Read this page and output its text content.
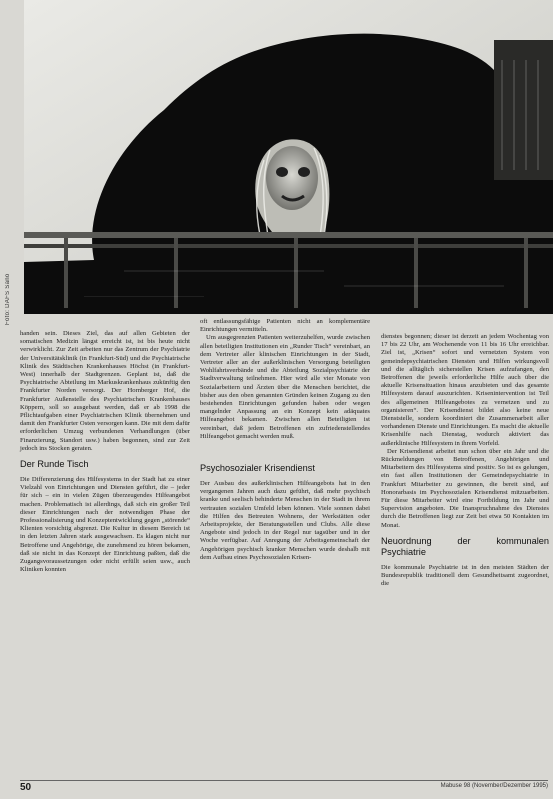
Foto: DAFS Sano

handen sein. Dieses Ziel, das auf allen Gebieten der somatischen Medizin längst erreicht ist, ist bis heute nicht verwirklicht. Zur Zeit arbeiten nur das Zentrum der Psychiatrie der Universitätsklinik (in Frankfurt-Süd) und die Psychiatrische Klinik des Städtischen Krankenhauses Höchst (in Frankfurt-West) innerhalb der Stadtgrenzen. Geplant ist, daß die Psychiatrische Abteilung im Markuskrankenhaus zukünftig den Frankfurter Norden versorgt. Der Hornberger Hof, die Frankfurter Außenstelle des Psychiatrischen Krankenhauses Köppern, soll so ausgebaut werden, daß er ab 1998 die Pflichtaufgaben einer Psychiatrischen Klinik übernehmen und damit den Frankfurter Osten versorgen kann. Die mit dem dafür erforderlichen Umzug verbundenen Verhandlungen (über Finanzierung, Standort usw.) haben begonnen, sind zur Zeit jedoch ins Stocken geraten.

Der Runde Tisch

Die Differenzierung des Hilfesystems in der Stadt hat zu einer Vielzahl von Einrichtungen und Diensten geführt, die – jeder für sich – ein in vielen Zügen überzeugendes Hilfeangebot machen. Problematisch ist allerdings, daß sich ein großer Teil dieser Einrichtungen nach der notwendigen Phase der Professionalisierung und Konzeptentwicklung gegen „störende“ Klienten vorsichtig abgrenzt. Die Kultur in diesem Bereich ist in den letzten Jahren stark ausgewachsen. Es klagen nicht nur Betroffene und Angehörige, die zunehmend zu hören bekamen, daß sie nicht in das Konzept der Einrichtung paßten, daß die Zugangsvoraussetzungen oder nicht erfüllt seien usw., auch Kliniken konnten

oft entlassungsfähige Patienten nicht an komplementäre Einrichtungen vermitteln.

Um ausgegrenzten Patienten weiterzuhelfen, wurde zwischen allen beteiligten Institutionen ein „Runder Tisch“ vereinbart, an dem Vertreter aller klinischen Einrichtungen in der Stadt, Vertreter aller an der außerklinischen Versorgung beteiligten Wohlfahrtsverbände und die Abteilung Sozialpsychiatrie der Stadtverwaltung teilnehmen. Hier wird alle vier Monate von Sozialarbeitern und Ärzten über die Menschen berichtet, die bisher aus den oben genannten Gründen keinen Zugang zu den bestehenden Einrichtungen gefunden haben oder wegen mangelnder Anpassung an ein Konzept kein adäquates Hilfeangebot bekamen. Zwischen allen Beteiligten ist vereinbart, daß jedem Betroffenen ein zufriedenstellendes Hilfeangebot gemacht werden muß.

Psychosozialer Krisendienst

Der Ausbau des außerklinischen Hilfeangebots hat in den vergangenen Jahren auch dazu geführt, daß mehr psychisch kranke und seelisch behinderte Menschen in der Stadt in ihrem vertrauten sozialen Umfeld leben können. Viele sonnen dabei die Hilfen des Betreuten Wohnens, der Werkstätten oder Arbeitsprojekte, der Beratungsstellen und Clubs. Alle diese Angebote sind jedoch in der Regel nur tagsüber und in der Woche verfügbar. Auf Anregung der Arbeitsgemeinschaft der Angehörigen psychisch kranker Menschen wurde deshalb mit dem Aufbau eines Psychosozialen Krisen-

dienstes begonnen; dieser ist derzeit an jedem Wochentag von 17 bis 22 Uhr, am Wochenende von 11 bis 16 Uhr erreichbar. Ziel ist, „Krisen“ sofort und vernetzten System von gemeindepsychiatrischen Diensten und Hilfen wirkungsvoll und die alltäglich sicherstellen Krisen aufzufangen, den Betroffenen die jeweils erforderliche Hilfe auch über die aktuelle Krisensituation hinaus anzubieten und das gesamte Hilfesystem darauf auszurichten. Krisenintervention ist Teil des allgemeinen Hilfeangebotes zu vernetzen und zu organisieren“. Der Krisendienst bildet also keine neue Dienststelle, sondern koordiniert die Zusammenarbeit aller vorhandenen Dienste und Einrichtungen. Es macht die aktuelle Krisenhilfe nach Dienstag, wodurch aktiviert das außerklinische Hilfesystem in ihrem Vorfeld.

Der Krisendienst arbeitet nun schon über ein Jahr und die Rückmeldungen von Betroffenen, Angehörigen und Mitarbeitern des Hilfesystems sind positiv. So ist es gelungen, ein fast allen Institutionen der Gemeindepsychiatrie in Frankfurt Mitarbeiter zu gewinnen, die bereit sind, auf Honorarbasis im Psychosozialen Krisendienst mitzuarbeiten. Für diese Mitarbeiter wird eine Fortbildung im Jahr und Supervision angeboten. Die Inanspruchnahme des Dienstes durch die Betroffenen liegt zur Zeit bei etwa 50 Kontakten im Monat.

Neuordnung der kommunalen Psychiatrie

Die kommunale Psychiatrie ist in den meisten Städten der Bundesrepublik traditionell dem Gesundheitsamt zugeordnet, die

50	Mabuse 98 (November/Dezember 1995)
